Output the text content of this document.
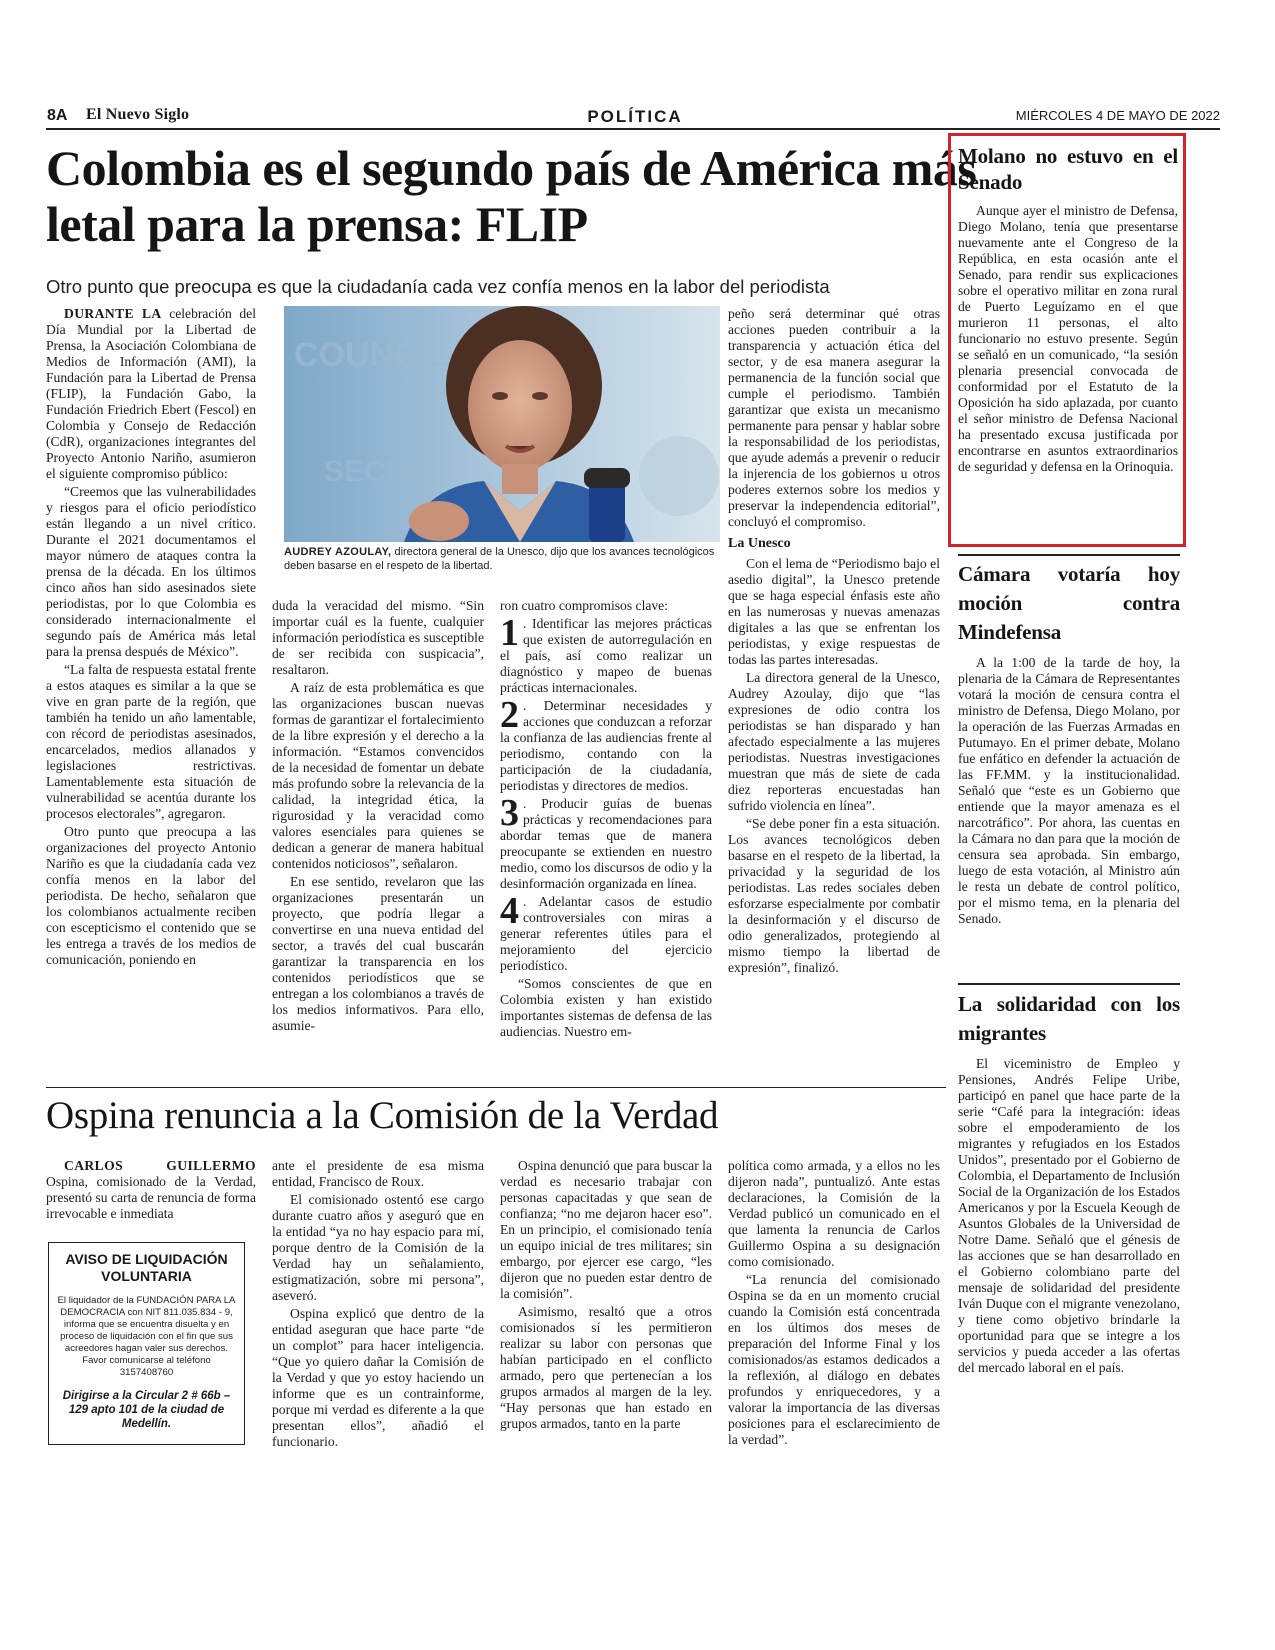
8A El Nuevo Siglo	POLÍTICA	MIÉRCOLES 4 DE MAYO DE 2022
Colombia es el segundo país de América más letal para la prensa: FLIP
Otro punto que preocupa es que la ciudadanía cada vez confía menos en la labor del periodista

DURANTE LA celebración del Día Mundial por la Libertad de Prensa, la Asociación Colombiana de Medios de Información (AMI), la Fundación para la Libertad de Prensa (FLIP), la Fundación Gabo, la Fundación Friedrich Ebert (Fescol) en Colombia y Consejo de Redacción (CdR), organizaciones integrantes del Proyecto Antonio Nariño, asumieron el siguiente compromiso público:

“Creemos que las vulnerabilidades y riesgos para el oficio periodístico están llegando a un nivel crítico. Durante el 2021 documentamos el mayor número de ataques contra la prensa de la década. En los últimos cinco años han sido asesinados siete periodistas, por lo que Colombia es considerado internacionalmente el segundo país de América más letal para la prensa después de México”.

“La falta de respuesta estatal frente a estos ataques es similar a la que se vive en gran parte de la región, que también ha tenido un año lamentable, con récord de periodistas asesinados, encarcelados, medios allanados y legislaciones restrictivas. Lamentablemente esta situación de vulnerabilidad se acentúa durante los procesos electorales”, agregaron.

Otro punto que preocupa a las organizaciones del proyecto Antonio Nariño es que la ciudadanía cada vez confía menos en la labor del periodista. De hecho, señalaron que los colombianos actualmente reciben con escepticismo el contenido que se les entrega a través de los medios de comunicación, poniendo en

COUNCIL
SECU
AUDREY AZOULAY, directora general de la Unesco, dijo que los avances tecnológicos deben basarse en el respeto de la libertad.

duda la veracidad del mismo. “Sin importar cuál es la fuente, cualquier información periodística es susceptible de ser recibida con suspicacia”, resaltaron.

A raíz de esta problemática es que las organizaciones buscan nuevas formas de garantizar el fortalecimiento de la libre expresión y el derecho a la información. “Estamos convencidos de la necesidad de fomentar un debate más profundo sobre la relevancia de la calidad, la integridad ética, la rigurosidad y la veracidad como valores esenciales para quienes se dedican a generar de manera habitual contenidos noticiosos”, señalaron.

En ese sentido, revelaron que las organizaciones presentarán un proyecto, que podría llegar a convertirse en una nueva entidad del sector, a través del cual buscarán garantizar la transparencia en los contenidos periodísticos que se entregan a los colombianos a través de los medios informativos. Para ello, asumie-

ron cuatro compromisos clave:

1 . Identificar las mejores prácticas que existen de autorregulación en el país, así como realizar un diagnóstico y mapeo de buenas prácticas internacionales.

2 . Determinar necesidades y acciones que conduzcan a reforzar la confianza de las audiencias frente al periodismo, contando con la participación de la ciudadanía, periodistas y directores de medios.

3 . Producir guías de buenas prácticas y recomendaciones para abordar temas que de manera preocupante se extienden en nuestro medio, como los discursos de odio y la desinformación organizada en línea.

4 . Adelantar casos de estudio controversiales con miras a generar referentes útiles para el mejoramiento del ejercicio periodístico.

“Somos conscientes de que en Colombia existen y han existido importantes sistemas de defensa de las audiencias. Nuestro em-

peño será determinar qué otras acciones pueden contribuir a la transparencia y actuación ética del sector, y de esa manera asegurar la permanencia de la función social que cumple el periodismo. También garantizar que exista un mecanismo permanente para pensar y hablar sobre la responsabilidad de los periodistas, que ayude además a prevenir o reducir la injerencia de los gobiernos u otros poderes externos sobre los medios y preservar la independencia editorial”, concluyó el compromiso.

La Unesco

Con el lema de “Periodismo bajo el asedio digital”, la Unesco pretende que se haga especial énfasis este año en las numerosas y nuevas amenazas digitales a las que se enfrentan los periodistas, y exige respuestas de todas las partes interesadas.

La directora general de la Unesco, Audrey Azoulay, dijo que “las expresiones de odio contra los periodistas se han disparado y han afectado especialmente a las mujeres periodistas. Nuestras investigaciones muestran que más de siete de cada diez reporteras encuestadas han sufrido violencia en línea”.

“Se debe poner fin a esta situación. Los avances tecnológicos deben basarse en el respeto de la libertad, la privacidad y la seguridad de los periodistas. Las redes sociales deben esforzarse especialmente por combatir la desinformación y el discurso de odio generalizados, protegiendo al mismo tiempo la libertad de expresión”, finalizó.

Ospina renuncia a la Comisión de la Verdad

CARLOS GUILLERMO Ospina, comisionado de la Verdad, presentó su carta de renuncia de forma irrevocable e inmediata

AVISO DE LIQUIDACIÓN VOLUNTARIA
El liquidador de la FUNDACIÓN PARA LA DEMOCRACIA con NIT 811.035.834 - 9, informa que se encuentra disuelta y en proceso de liquidación con el fin que sus acreedores hagan valer sus derechos. Favor comunicarse al teléfono 3157408760
Dirigirse a la Circular 2 # 66b – 129 apto 101 de la ciudad de Medellín.

ante el presidente de esa misma entidad, Francisco de Roux.

El comisionado ostentó ese cargo durante cuatro años y aseguró que en la entidad “ya no hay espacio para mí, porque dentro de la Comisión de la Verdad hay un señalamiento, estigmatización, sobre mi persona”, aseveró.

Ospina explicó que dentro de la entidad aseguran que hace parte “de un complot” para hacer inteligencia. “Que yo quiero dañar la Comisión de la Verdad y que yo estoy haciendo un informe que es un contrainforme, porque mi verdad es diferente a la que presentan ellos”, añadió el funcionario.

Ospina denunció que para buscar la verdad es necesario trabajar con personas capacitadas y que sean de confianza; “no me dejaron hacer eso”. En un principio, el comisionado tenía un equipo inicial de tres militares; sin embargo, por ejercer ese cargo, “les dijeron que no pueden estar dentro de la comisión”.

Asimismo, resaltó que a otros comisionados sí les permitieron realizar su labor con personas que habían participado en el conflicto armado, pero que pertenecían a los grupos armados al margen de la ley. “Hay personas que han estado en grupos armados, tanto en la parte

política como armada, y a ellos no les dijeron nada”, puntualizó. Ante estas declaraciones, la Comisión de la Verdad publicó un comunicado en el que lamenta la renuncia de Carlos Guillermo Ospina a su designación como comisionado.

“La renuncia del comisionado Ospina se da en un momento crucial cuando la Comisión está concentrada en los últimos dos meses de preparación del Informe Final y los comisionados/as estamos dedicados a la reflexión, al diálogo en debates profundos y enriquecedores, y a valorar la importancia de las diversas posiciones para el esclarecimiento de la verdad”.

Molano no estuvo en el Senado

Aunque ayer el ministro de Defensa, Diego Molano, tenía que presentarse nuevamente ante el Congreso de la República, en esta ocasión ante el Senado, para rendir sus explicaciones sobre el operativo militar en zona rural de Puerto Leguízamo en el que murieron 11 personas, el alto funcionario no estuvo presente. Según se señaló en un comunicado, “la sesión plenaria presencial convocada de conformidad por el Estatuto de la Oposición ha sido aplazada, por cuanto el señor ministro de Defensa Nacional ha presentado excusa justificada por encontrarse en asuntos extraordinarios de seguridad y defensa en la Orinoquia.

Cámara votaría hoy moción contra Mindefensa

A la 1:00 de la tarde de hoy, la plenaria de la Cámara de Representantes votará la moción de censura contra el ministro de Defensa, Diego Molano, por la operación de las Fuerzas Armadas en Putumayo. En el primer debate, Molano fue enfático en defender la actuación de las FF.MM. y la institucionalidad. Señaló que “este es un Gobierno que entiende que la mayor amenaza es el narcotráfico”. Por ahora, las cuentas en la Cámara no dan para que la moción de censura sea aprobada. Sin embargo, luego de esta votación, al Ministro aún le resta un debate de control político, por el mismo tema, en la plenaria del Senado.

La solidaridad con los migrantes

El viceministro de Empleo y Pensiones, Andrés Felipe Uribe, participó en panel que hace parte de la serie “Café para la integración: ideas sobre el empoderamiento de los migrantes y refugiados en los Estados Unidos”, presentado por el Gobierno de Colombia, el Departamento de Inclusión Social de la Organización de los Estados Americanos y por la Escuela Keough de Asuntos Globales de la Universidad de Notre Dame. Señaló que el génesis de las acciones que se han desarrollado en el Gobierno colombiano parte del mensaje de solidaridad del presidente Iván Duque con el migrante venezolano, y tiene como objetivo brindarle la oportunidad para que se integre a los servicios y pueda acceder a las ofertas del mercado laboral en el país.
